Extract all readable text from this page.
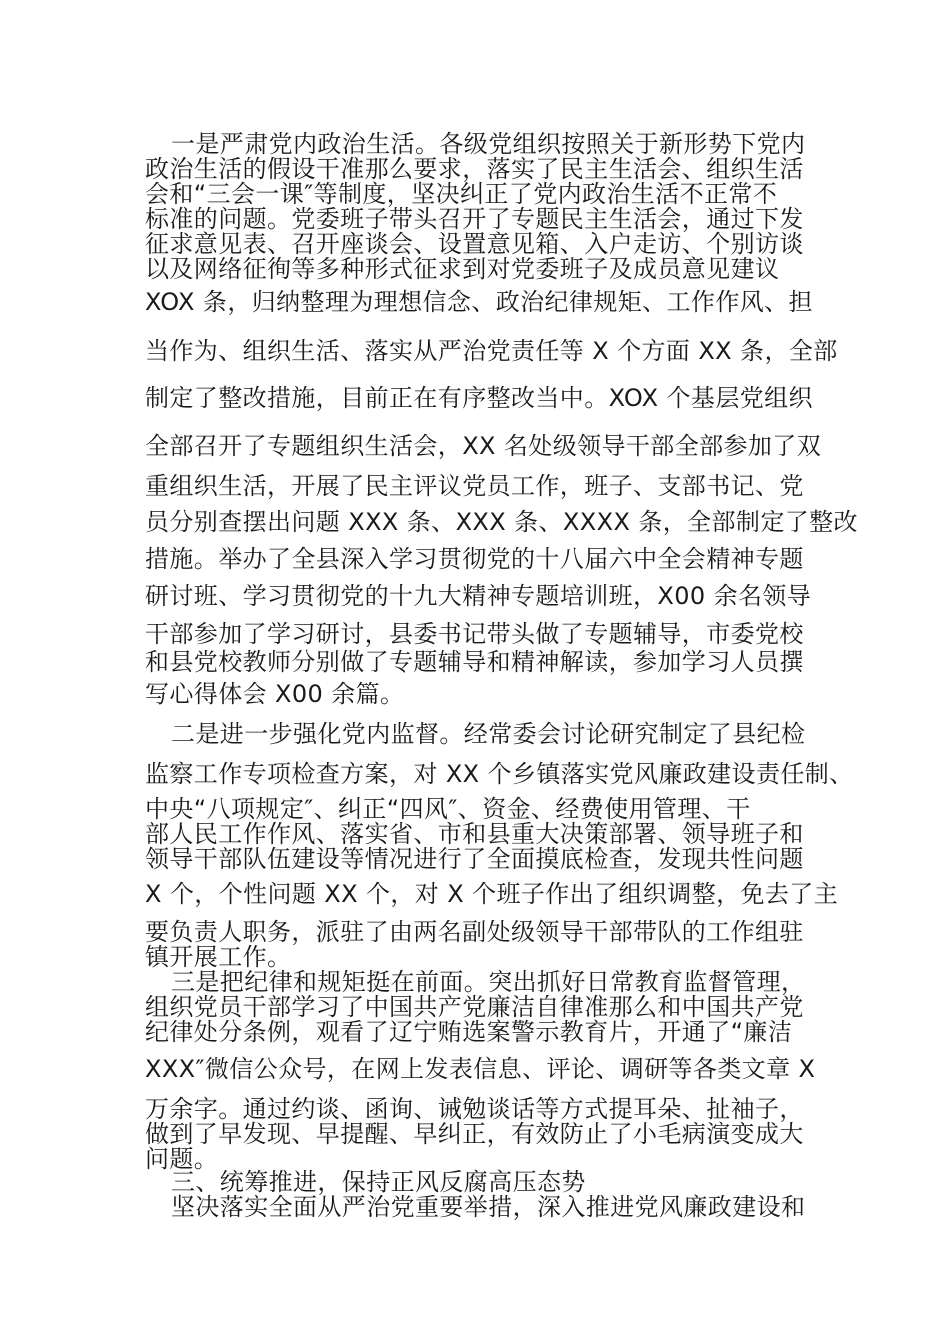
一是严肃党内政治生活。各级党组织按照关于新形势下党内

政治生活的假设干准那么要求，落实了民主生活会、组织生活

会和“三会一课″等制度，坚决纠正了党内政治生活不正常不

标准的问题。党委班子带头召开了专题民主生活会，通过下发

征求意见表、召开座谈会、设置意见箱、入户走访、个别访谈

以及网络征徇等多种形式征求到对党委班子及成员意见建议

XOX 条，归纳整理为理想信念、政治纪律规矩、工作作风、担

当作为、组织生活、落实从严治党责任等 X 个方面 XX 条，全部

制定了整改措施，目前正在有序整改当中。XOX 个基层党组织

全部召开了专题组织生活会，XX 名处级领导干部全部参加了双

重组织生活，开展了民主评议党员工作，班子、支部书记、党

员分别查摆出问题 XXX 条、XXX 条、XXXX 条，全部制定了整改

措施。举办了全县深入学习贯彻党的十八届六中全会精神专题

研讨班、学习贯彻党的十九大精神专题培训班，X00 余名领导

干部参加了学习研讨，县委书记带头做了专题辅导，市委党校

和县党校教师分别做了专题辅导和精神解读，参加学习人员撰

写心得体会 X00 余篇。

二是进一步强化党内监督。经常委会讨论研究制定了县纪检

监察工作专项检查方案，对 XX 个乡镇落实党风廉政建设责任制、

中央“八项规定″、纠正“四风″、资金、经费使用管理、干

部人民工作作风、落实省、市和县重大决策部署、领导班子和

领导干部队伍建设等情况进行了全面摸底检查，发现共性问题

X 个，个性问题 XX 个，对 X 个班子作出了组织调整，免去了主

要负责人职务，派驻了由两名副处级领导干部带队的工作组驻

镇开展工作。

三是把纪律和规矩挺在前面。突出抓好日常教育监督管理，

组织党员干部学习了中国共产党廉洁自律准那么和中国共产党

纪律处分条例，观看了辽宁贿选案警示教育片，开通了“廉洁

XXX″微信公众号，在网上发表信息、评论、调研等各类文章 X

万余字。通过约谈、函询、诫勉谈话等方式提耳朵、扯袖子，

做到了早发现、早提醒、早纠正，有效防止了小毛病演变成大

问题。

三、统筹推进，保持正风反腐高压态势

坚决落实全面从严治党重要举措，深入推进党风廉政建设和
